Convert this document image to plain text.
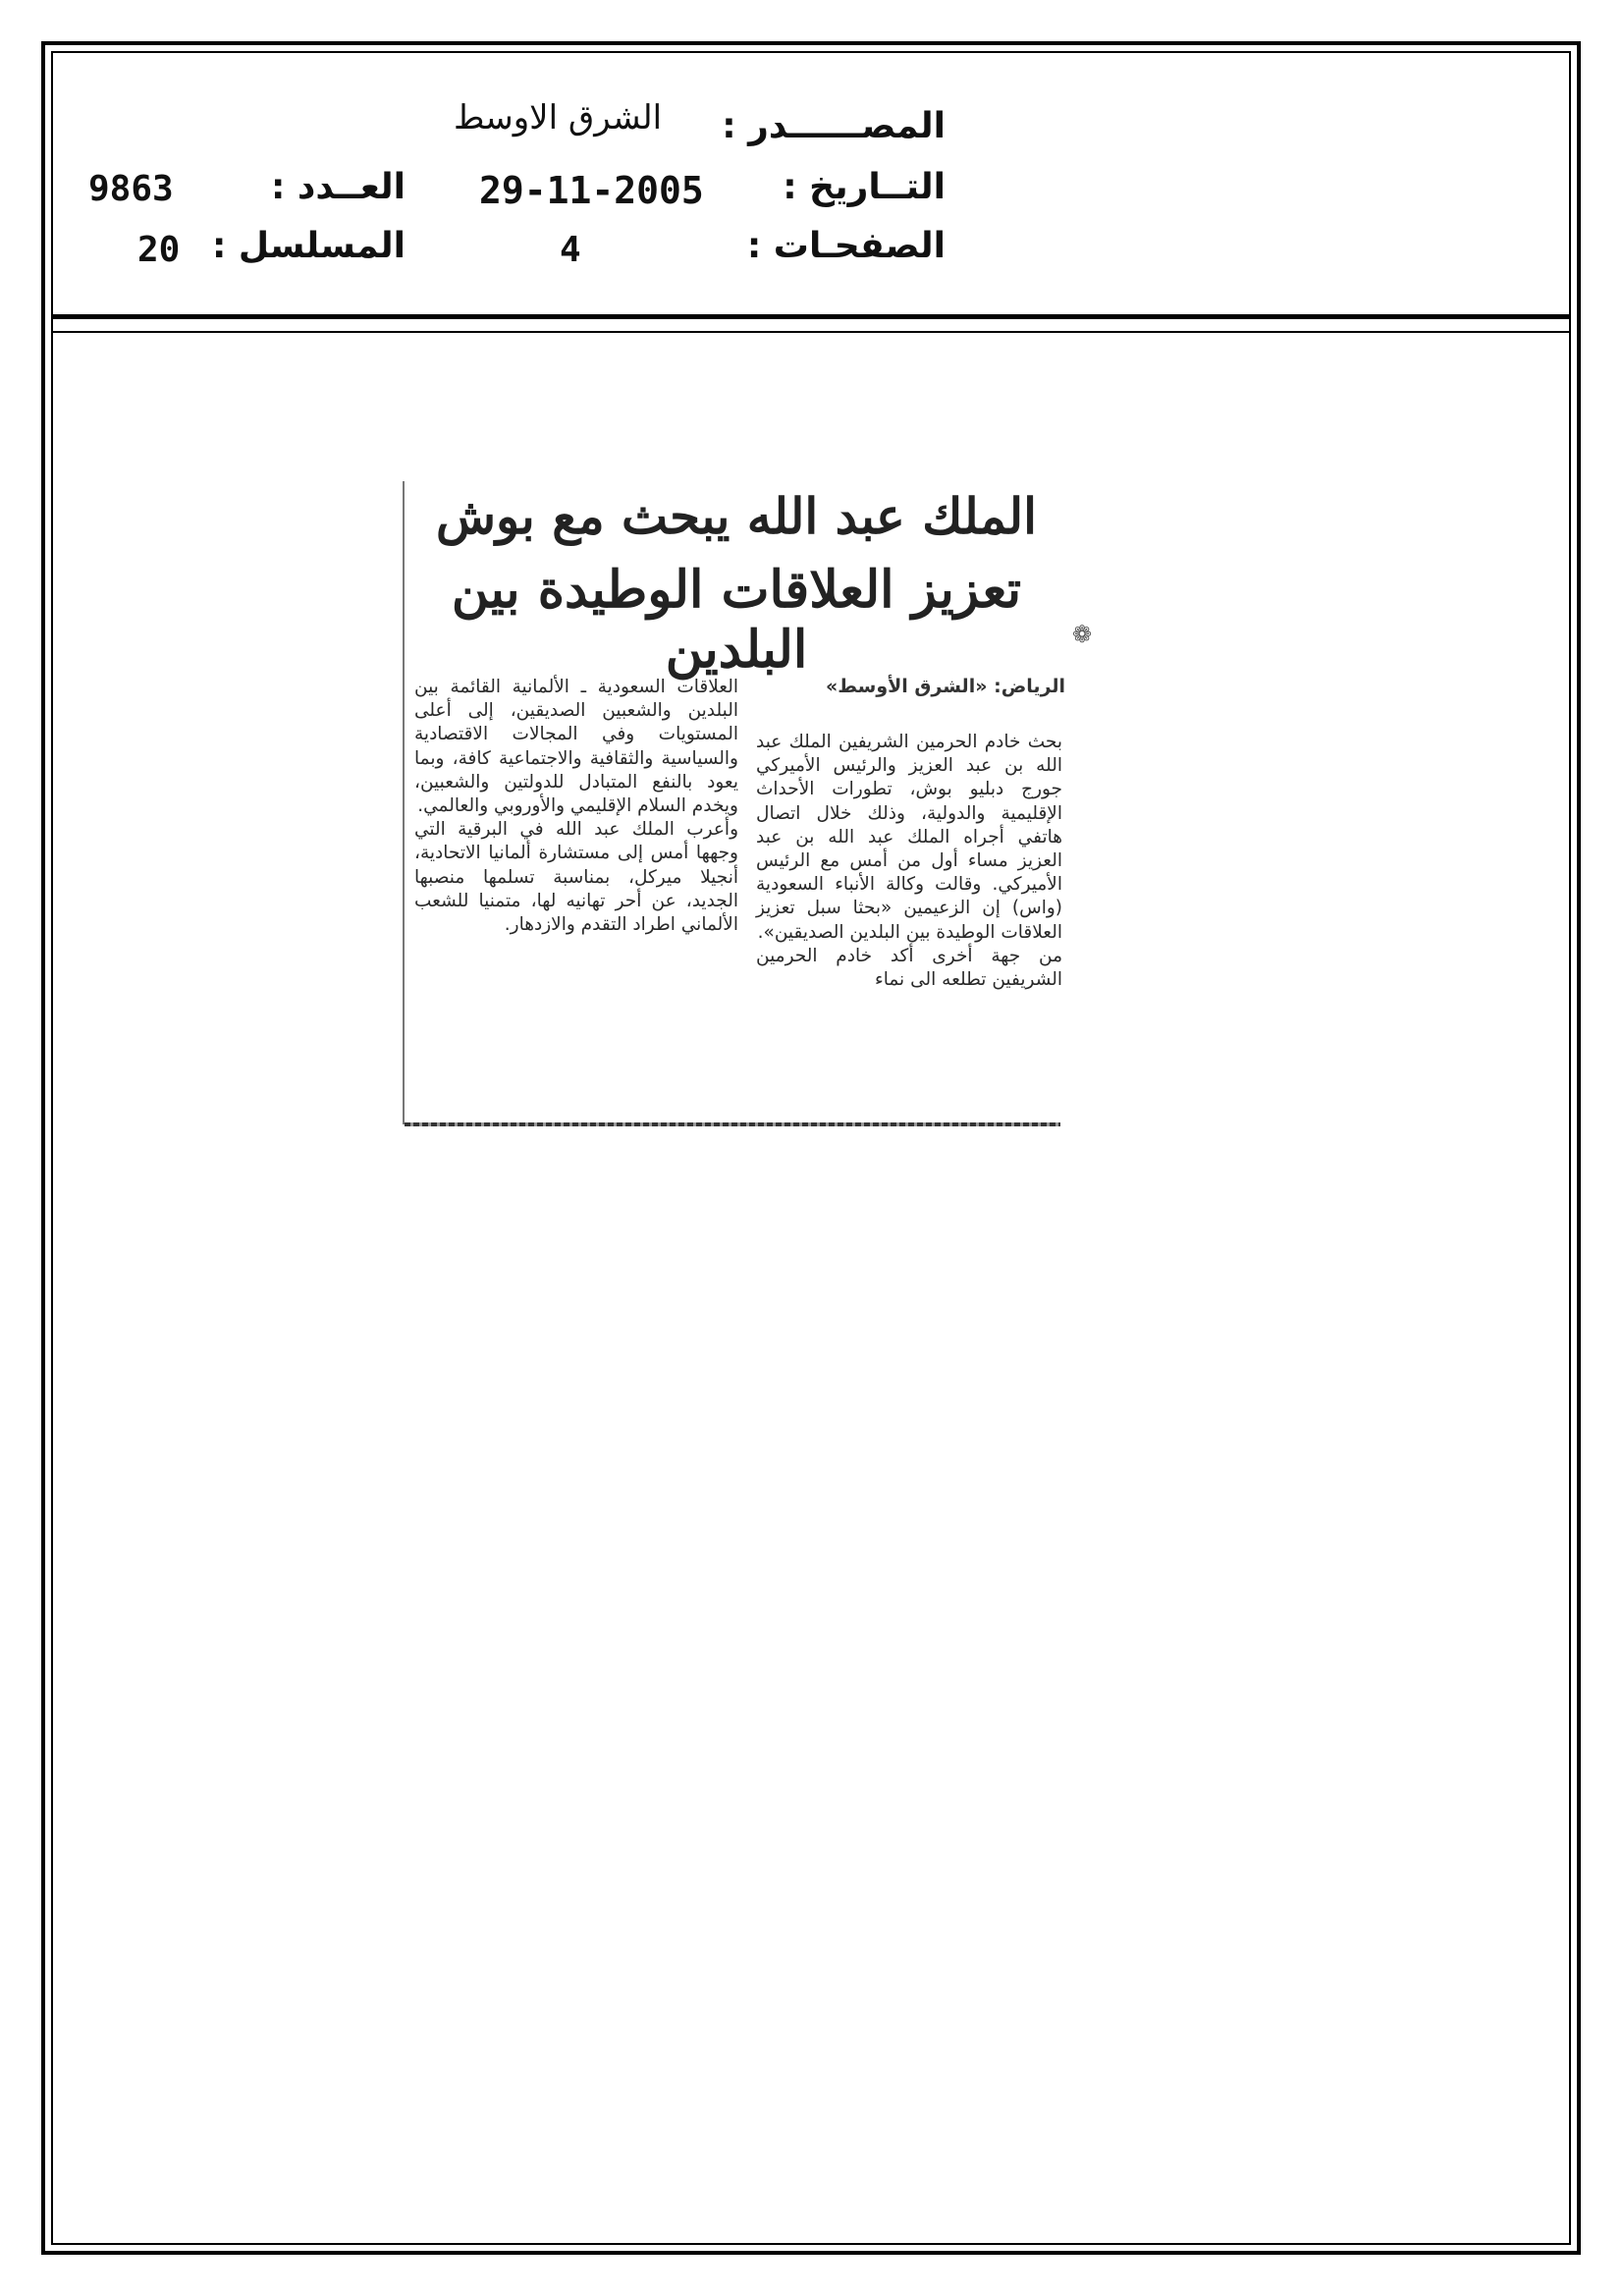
المصــــــدر :
الشرق الاوسط
التــاريخ :
29-11-2005
العــدد :
9863
الصفحـات :
4
المسلسل :
20
الملك عبد الله يبحث مع بوش
تعزيز العلاقات الوطيدة بين البلدين	❁
الرياض: «الشرق الأوسط»

بحث خادم الحرمين الشريفين الملك عبد الله بن عبد العزيز والرئيس الأميركي جورج دبليو بوش، تطورات الأحداث الإقليمية والدولية، وذلك خلال اتصال هاتفي أجراه الملك عبد الله بن عبد العزيز مساء أول من أمس مع الرئيس الأميركي. وقالت وكالة الأنباء السعودية (واس) إن الزعيمين «بحثا سبل تعزيز العلاقات الوطيدة بين البلدين الصديقين».

من جهة أخرى أكد خادم الحرمين الشريفين تطلعه الى نماء

العلاقات السعودية ـ الألمانية القائمة بين البلدين والشعبين الصديقين، إلى أعلى المستويات وفي المجالات الاقتصادية والسياسية والثقافية والاجتماعية كافة، وبما يعود بالنفع المتبادل للدولتين والشعبين، ويخدم السلام الإقليمي والأوروبي والعالمي.

وأعرب الملك عبد الله في البرقية التي وجهها أمس إلى مستشارة ألمانيا الاتحادية، أنجيلا ميركل، بمناسبة تسلمها منصبها الجديد، عن أحر تهانيه لها، متمنيا للشعب الألماني اطراد التقدم والازدهار.
